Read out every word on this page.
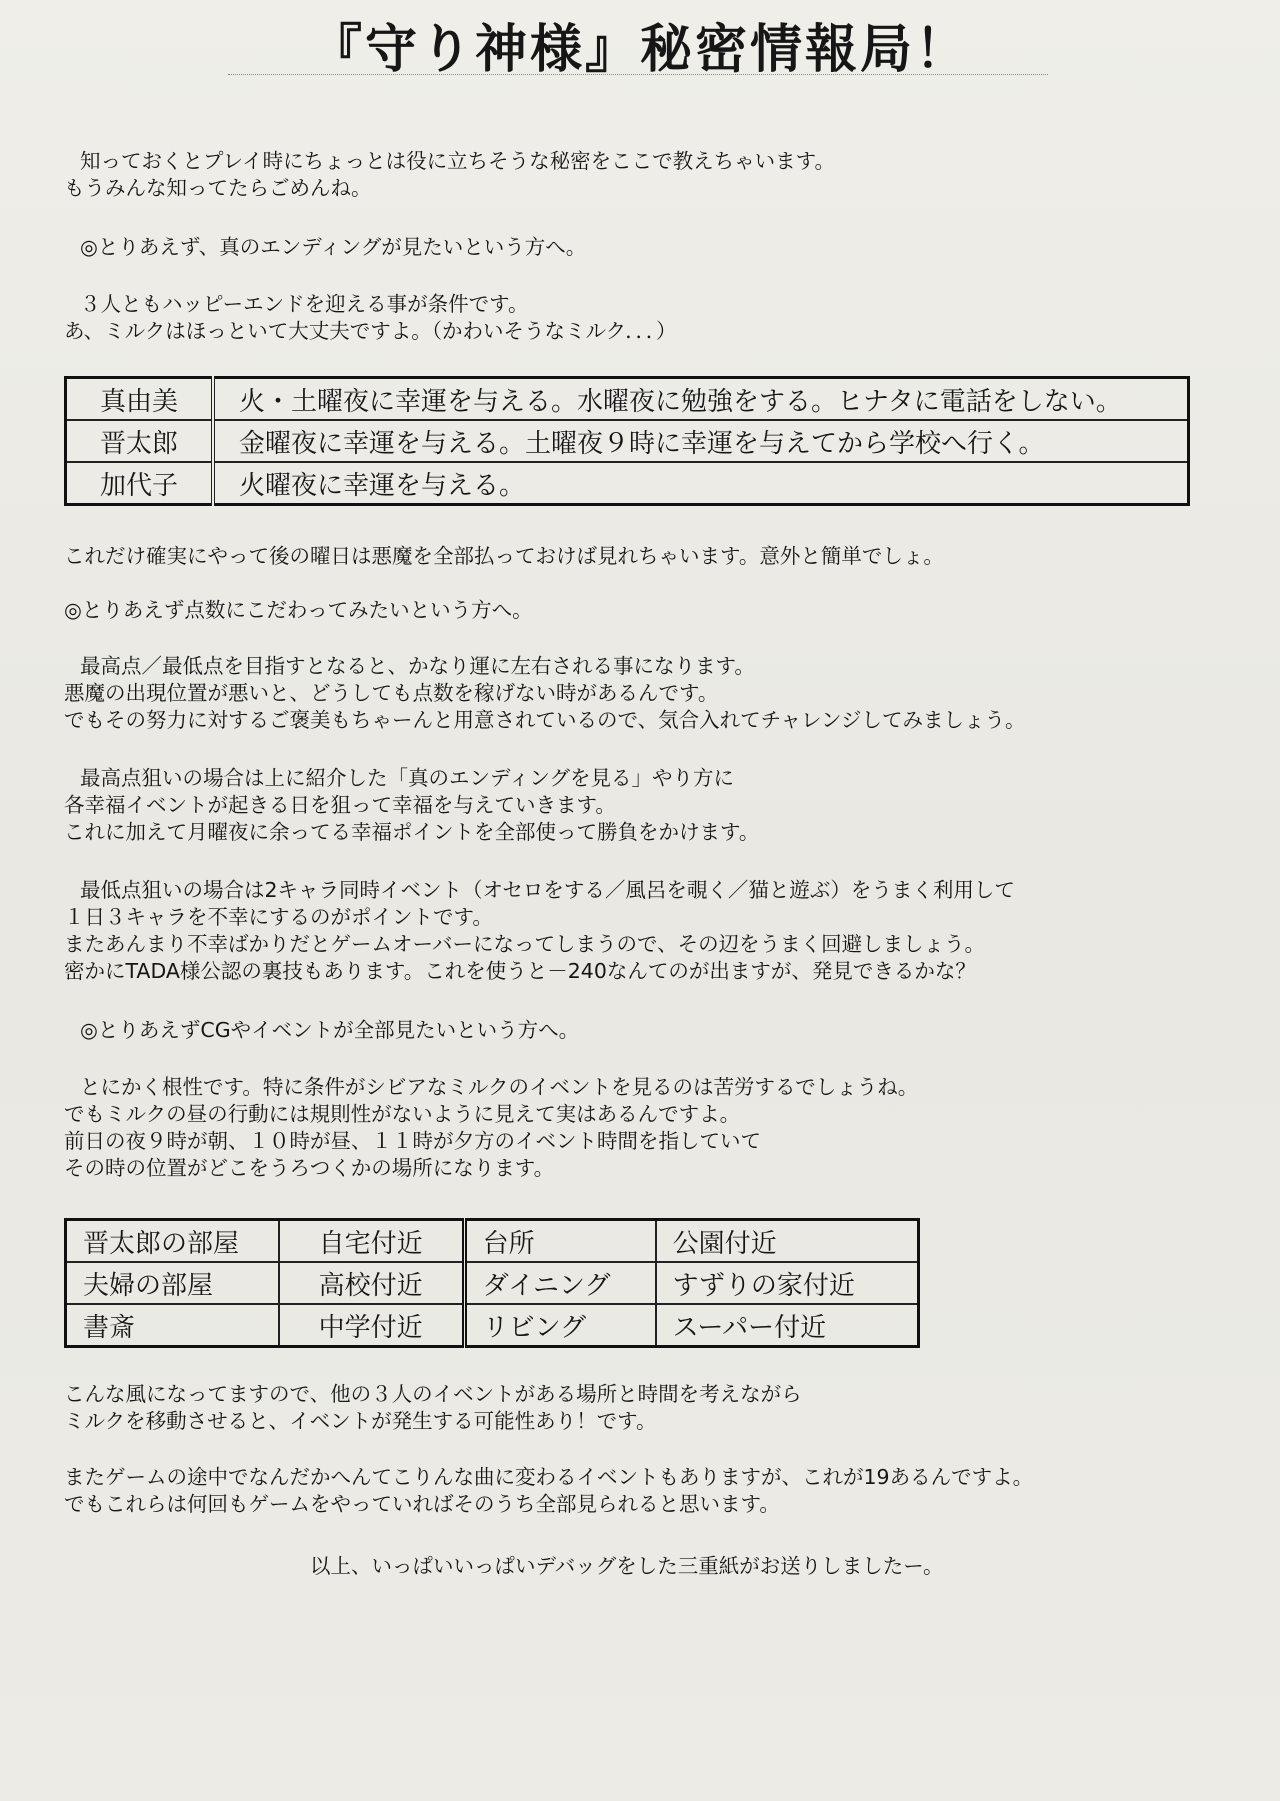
『守り神様』秘密情報局！
知っておくとプレイ時にちょっとは役に立ちそうな秘密をここで教えちゃいます。
もうみんな知ってたらごめんね。
◎とりあえず、真のエンディングが見たいという方へ。
３人ともハッピーエンドを迎える事が条件です。
あ、ミルクはほっといて大丈夫ですよ。（かわいそうなミルク．．．）
真由美	火・土曜夜に幸運を与える。水曜夜に勉強をする。ヒナタに電話をしない。
晋太郎	金曜夜に幸運を与える。土曜夜９時に幸運を与えてから学校へ行く。
加代子	火曜夜に幸運を与える。
これだけ確実にやって後の曜日は悪魔を全部払っておけば見れちゃいます。意外と簡単でしょ。
◎とりあえず点数にこだわってみたいという方へ。
最高点／最低点を目指すとなると、かなり運に左右される事になります。
悪魔の出現位置が悪いと、どうしても点数を稼げない時があるんです。
でもその努力に対するご褒美もちゃーんと用意されているので、気合入れてチャレンジしてみましょう。
最高点狙いの場合は上に紹介した「真のエンディングを見る」やり方に
各幸福イベントが起きる日を狙って幸福を与えていきます。
これに加えて月曜夜に余ってる幸福ポイントを全部使って勝負をかけます。
最低点狙いの場合は2キャラ同時イベント（オセロをする／風呂を覗く／猫と遊ぶ）をうまく利用して
１日３キャラを不幸にするのがポイントです。
またあんまり不幸ばかりだとゲームオーバーになってしまうので、その辺をうまく回避しましょう。
密かにTADA様公認の裏技もあります。これを使うと－240なんてのが出ますが、発見できるかな？
◎とりあえずCGやイベントが全部見たいという方へ。
とにかく根性です。特に条件がシビアなミルクのイベントを見るのは苦労するでしょうね。
でもミルクの昼の行動には規則性がないように見えて実はあるんですよ。
前日の夜９時が朝、１０時が昼、１１時が夕方のイベント時間を指していて
その時の位置がどこをうろつくかの場所になります。
晋太郎の部屋	自宅付近	台所	公園付近
夫婦の部屋	高校付近	ダイニング	すずりの家付近
書斎	中学付近	リビング	スーパー付近
こんな風になってますので、他の３人のイベントがある場所と時間を考えながら
ミルクを移動させると、イベントが発生する可能性あり！です。
またゲームの途中でなんだかへんてこりんな曲に変わるイベントもありますが、これが19あるんですよ。
でもこれらは何回もゲームをやっていればそのうち全部見られると思います。
以上、いっぱいいっぱいデバッグをした三重紙がお送りしましたー。
